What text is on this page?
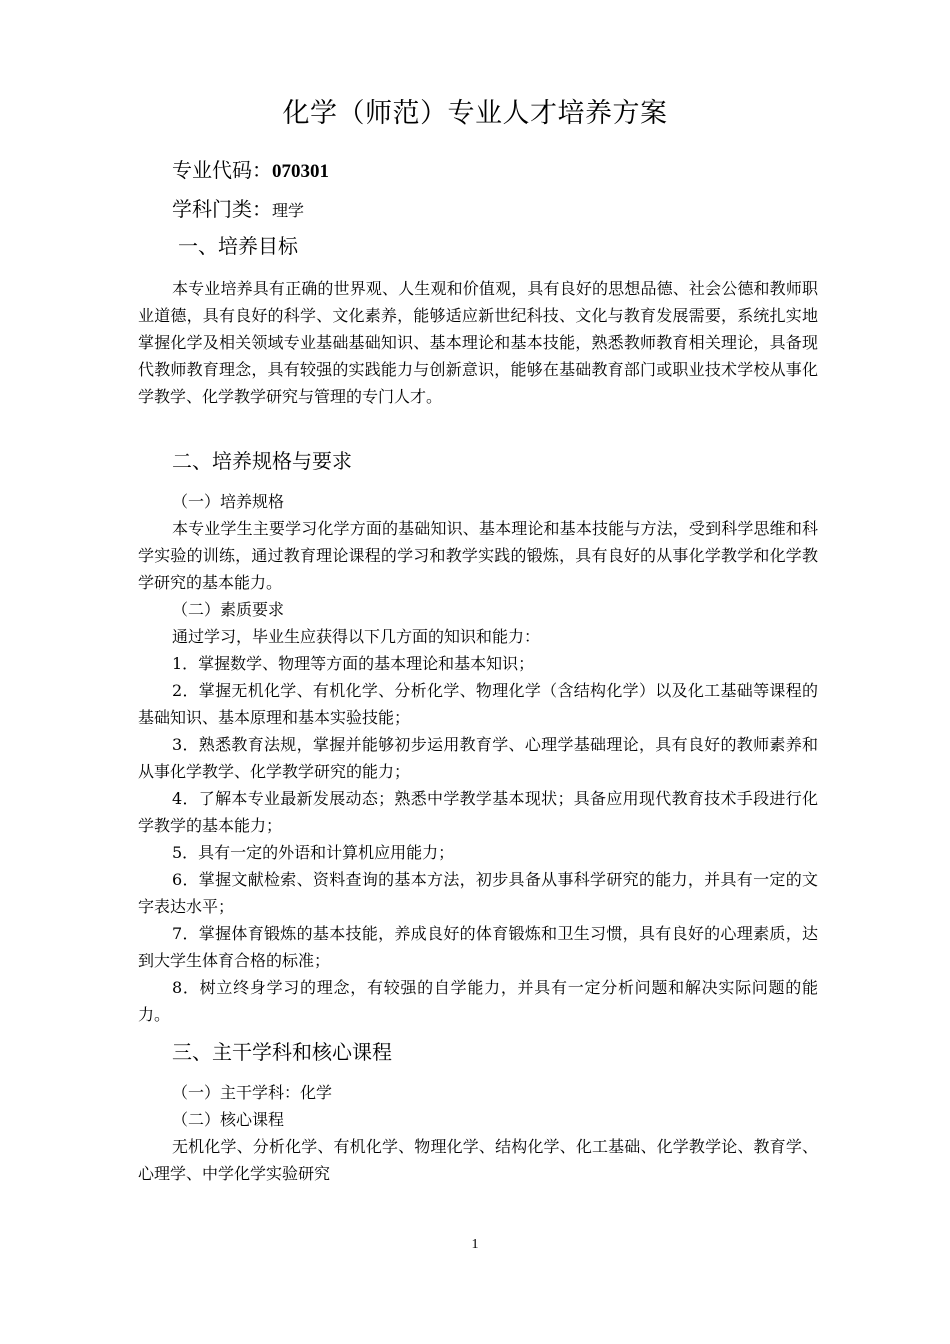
化学（师范）专业人才培养方案
专业代码：070301
学科门类：理学
一、培养目标
本专业培养具有正确的世界观、人生观和价值观，具有良好的思想品德、社会公德和教师职业道德，具有良好的科学、文化素养，能够适应新世纪科技、文化与教育发展需要，系统扎实地掌握化学及相关领域专业基础基础知识、基本理论和基本技能，熟悉教师教育相关理论，具备现代教师教育理念，具有较强的实践能力与创新意识，能够在基础教育部门或职业技术学校从事化学教学、化学教学研究与管理的专门人才。
二、培养规格与要求
（一）培养规格
本专业学生主要学习化学方面的基础知识、基本理论和基本技能与方法，受到科学思维和科学实验的训练，通过教育理论课程的学习和教学实践的锻炼，具有良好的从事化学教学和化学教学研究的基本能力。
（二）素质要求
通过学习，毕业生应获得以下几方面的知识和能力：
1．掌握数学、物理等方面的基本理论和基本知识；
2．掌握无机化学、有机化学、分析化学、物理化学（含结构化学）以及化工基础等课程的基础知识、基本原理和基本实验技能；
3．熟悉教育法规，掌握并能够初步运用教育学、心理学基础理论，具有良好的教师素养和从事化学教学、化学教学研究的能力；
4．了解本专业最新发展动态；熟悉中学教学基本现状；具备应用现代教育技术手段进行化学教学的基本能力；
5．具有一定的外语和计算机应用能力；
6．掌握文献检索、资料查询的基本方法，初步具备从事科学研究的能力，并具有一定的文字表达水平；
7．掌握体育锻炼的基本技能，养成良好的体育锻炼和卫生习惯，具有良好的心理素质，达到大学生体育合格的标准；
8．树立终身学习的理念，有较强的自学能力，并具有一定分析问题和解决实际问题的能力。
三、主干学科和核心课程
（一）主干学科：化学
（二）核心课程
无机化学、分析化学、有机化学、物理化学、结构化学、化工基础、化学教学论、教育学、心理学、中学化学实验研究
1
